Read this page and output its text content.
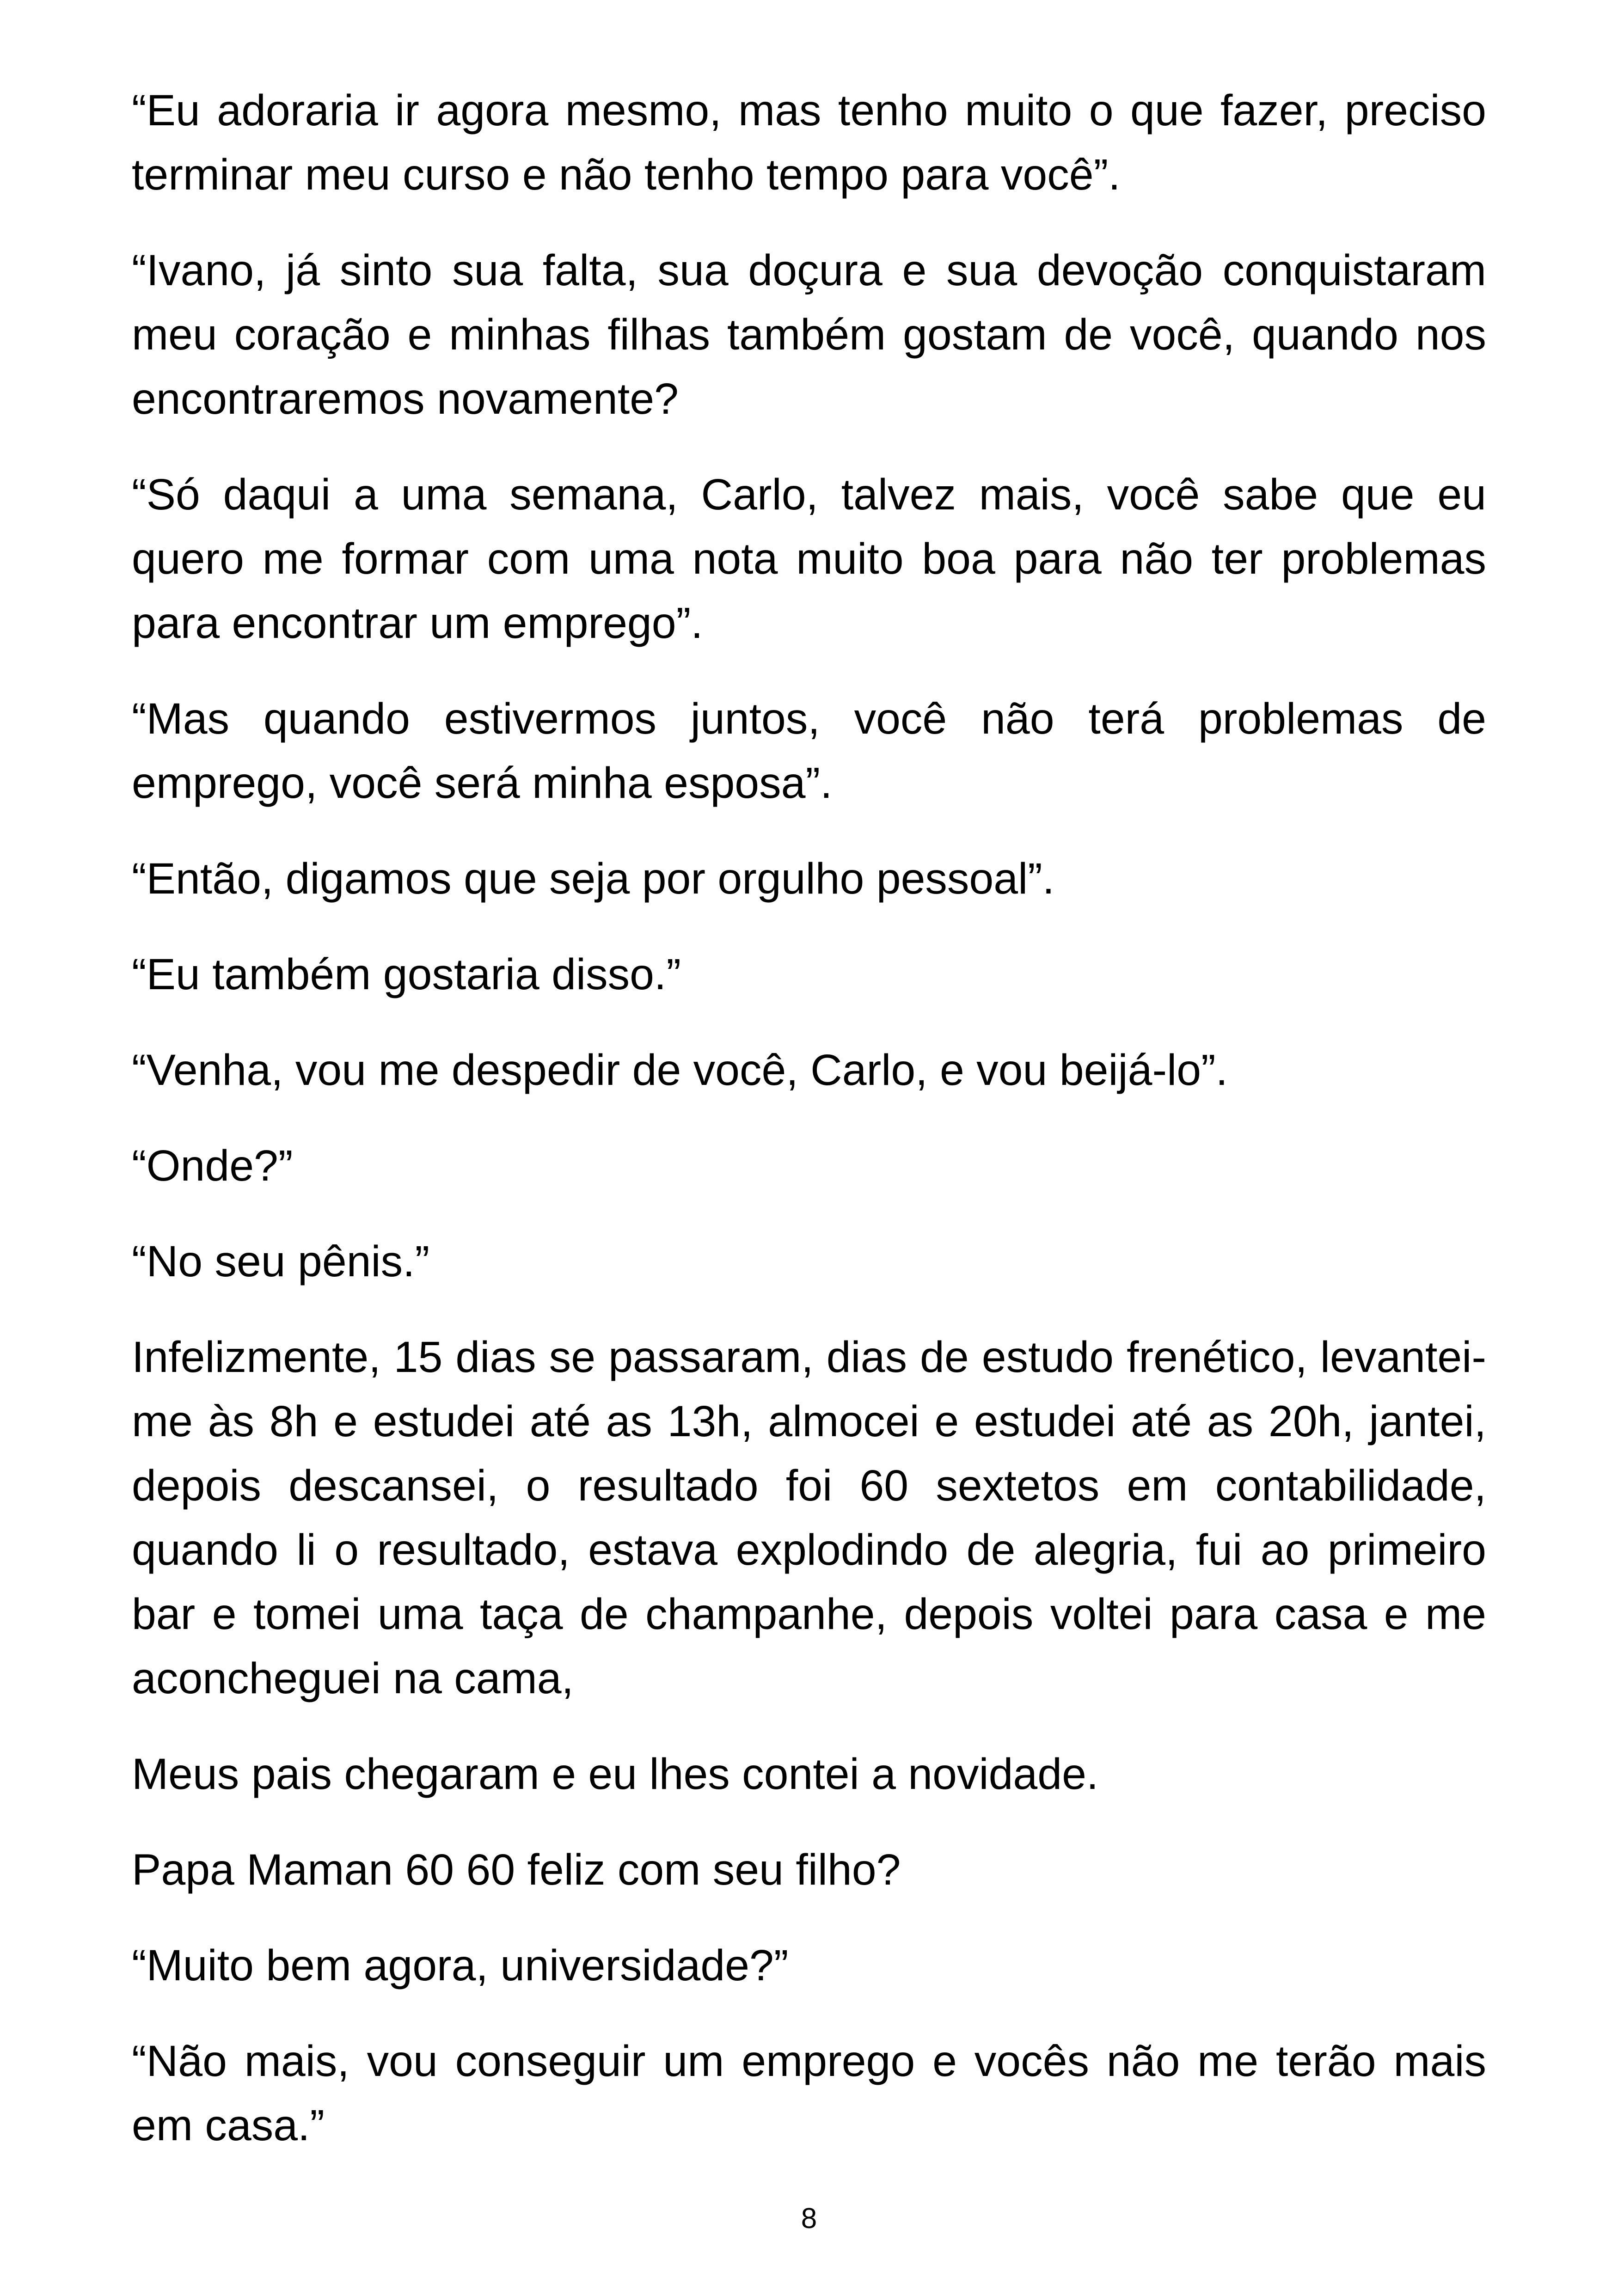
“Eu adoraria ir agora mesmo, mas tenho muito o que fazer, preciso terminar meu curso e não tenho tempo para você”.

“Ivano, já sinto sua falta, sua doçura e sua devoção conquistaram meu coração e minhas filhas também gostam de você, quando nos encontraremos novamente?

“Só daqui a uma semana, Carlo, talvez mais, você sabe que eu quero me formar com uma nota muito boa para não ter problemas para encontrar um emprego”.

“Mas quando estivermos juntos, você não terá problemas de emprego, você será minha esposa”.

“Então, digamos que seja por orgulho pessoal”.

“Eu também gostaria disso.”

“Venha, vou me despedir de você, Carlo, e vou beijá-lo”.

“Onde?”

“No seu pênis.”

Infelizmente, 15 dias se passaram, dias de estudo frenético, levantei-me às 8h e estudei até as 13h, almocei e estudei até as 20h, jantei, depois descansei, o resultado foi 60 sextetos em contabilidade, quando li o resultado, estava explodindo de alegria, fui ao primeiro bar e tomei uma taça de champanhe, depois voltei para casa e me aconcheguei na cama,

Meus pais chegaram e eu lhes contei a novidade.

Papa Maman 60 60 feliz com seu filho?

“Muito bem agora, universidade?”

“Não mais, vou conseguir um emprego e vocês não me terão mais em casa.”

8
